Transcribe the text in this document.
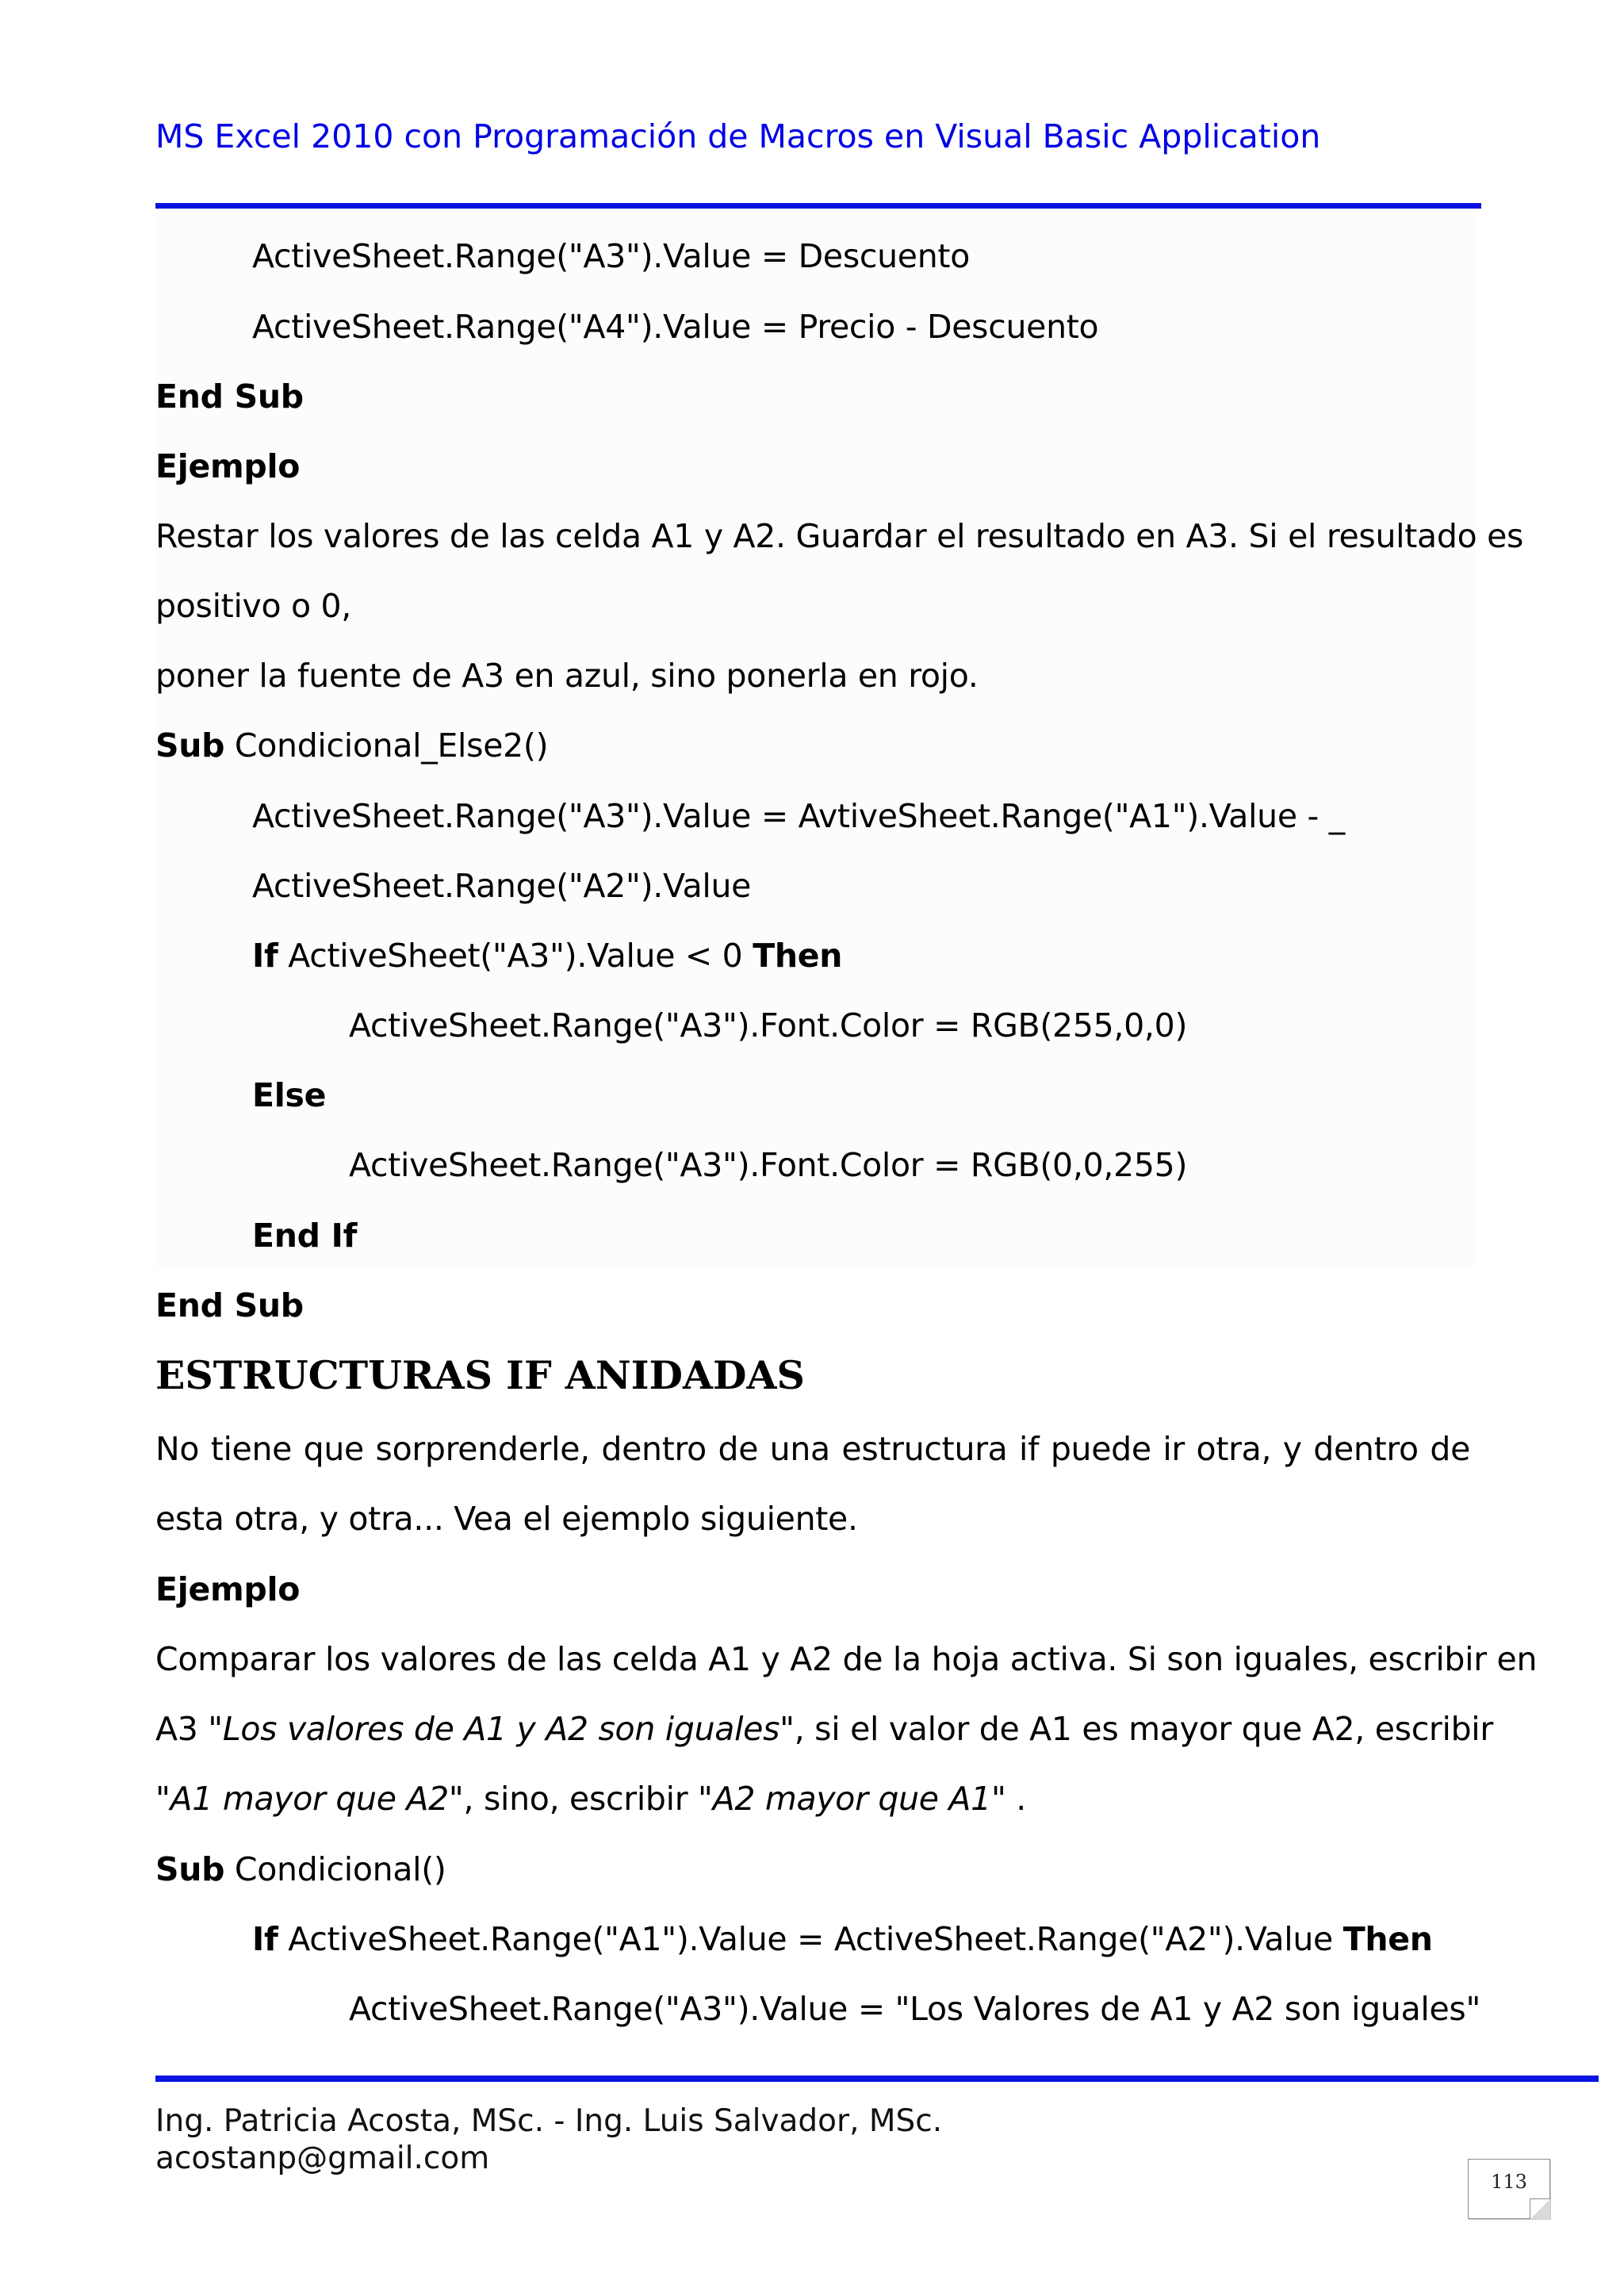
MS Excel 2010 con Programación de Macros en Visual Basic Application
ActiveSheet.Range("A3").Value = Descuento
ActiveSheet.Range("A4").Value = Precio - Descuento
End Sub
Ejemplo
Restar los valores de las celda A1 y A2. Guardar el resultado en A3. Si el resultado es
positivo o 0,
poner la fuente de A3 en azul, sino ponerla en rojo.
Sub Condicional_Else2()
ActiveSheet.Range("A3").Value = AvtiveSheet.Range("A1").Value - _
ActiveSheet.Range("A2").Value
If ActiveSheet("A3").Value < 0 Then
ActiveSheet.Range("A3").Font.Color = RGB(255,0,0)
Else
ActiveSheet.Range("A3").Font.Color = RGB(0,0,255)
End If
End Sub
ESTRUCTURAS IF ANIDADAS
No tiene que sorprenderle, dentro de una estructura if puede ir otra, y dentro de
esta otra, y otra... Vea el ejemplo siguiente.
Ejemplo
Comparar los valores de las celda A1 y A2 de la hoja activa. Si son iguales, escribir en
A3 "Los valores de A1 y A2 son iguales", si el valor de A1 es mayor que A2, escribir
"A1 mayor que A2", sino, escribir "A2 mayor que A1" .
Sub Condicional()
If ActiveSheet.Range("A1").Value = ActiveSheet.Range("A2").Value Then
ActiveSheet.Range("A3").Value = "Los Valores de A1 y A2 son iguales"
Ing. Patricia Acosta, MSc. - Ing. Luis Salvador, MSc.
acostanp@gmail.com
113
